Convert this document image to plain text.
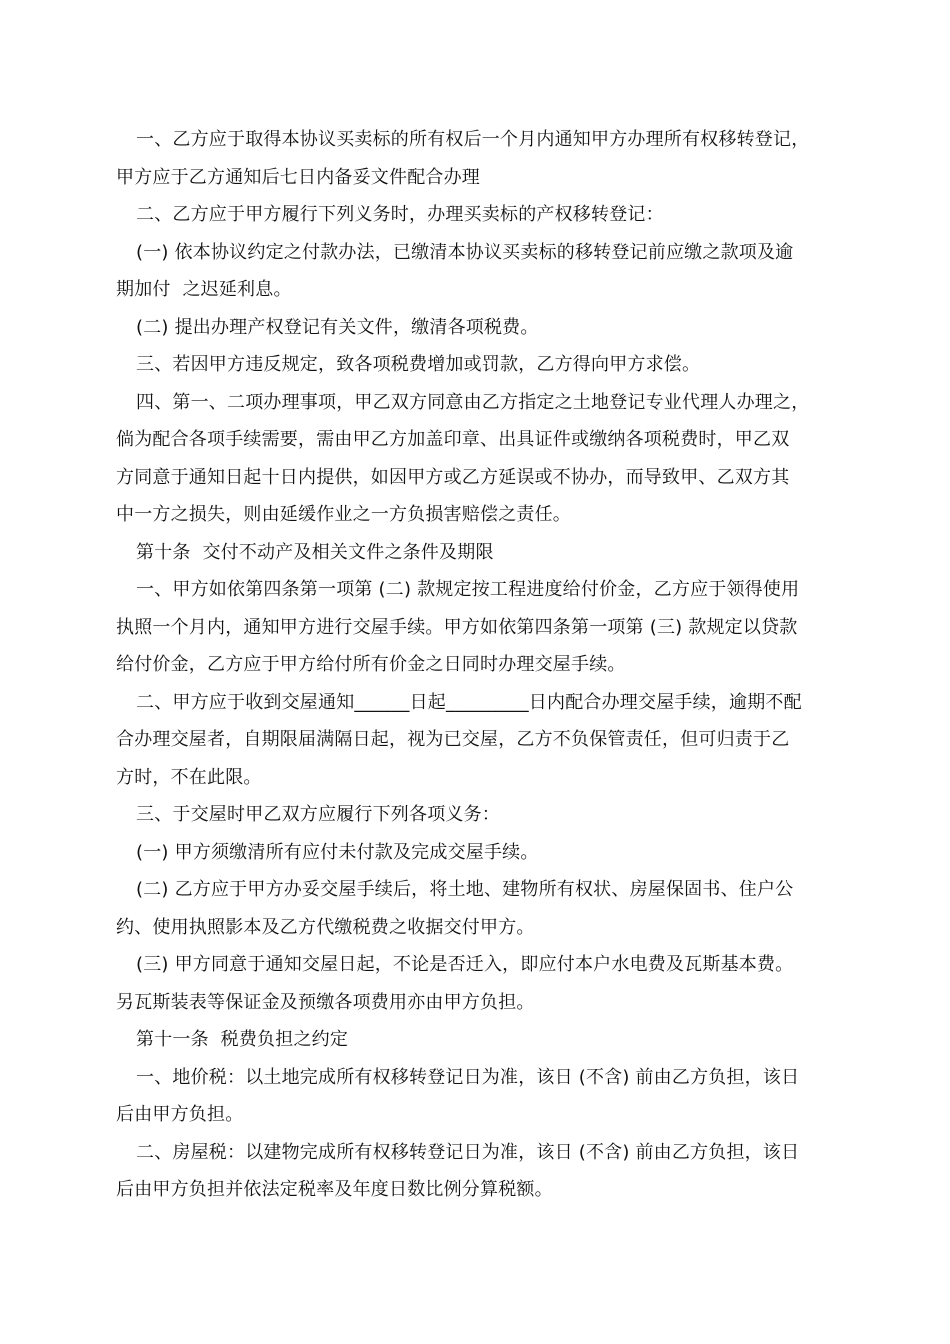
一、乙方应于取得本协议买卖标的所有权后一个月内通知甲方办理所有权移转登记，
甲方应于乙方通知后七日内备妥文件配合办理

二、乙方应于甲方履行下列义务时，办理买卖标的产权移转登记：

(一) 依本协议约定之付款办法，已缴清本协议买卖标的移转登记前应缴之款项及逾
期加付  之迟延利息。

(二) 提出办理产权登记有关文件，缴清各项税费。

三、若因甲方违反规定，致各项税费增加或罚款，乙方得向甲方求偿。

四、第一、二项办理事项，甲乙双方同意由乙方指定之土地登记专业代理人办理之，
倘为配合各项手续需要，需由甲乙方加盖印章、出具证件或缴纳各项税费时，甲乙双
方同意于通知日起十日内提供，如因甲方或乙方延误或不协办，而导致甲、乙双方其
中一方之损失，则由延缓作业之一方负损害赔偿之责任。

第十条  交付不动产及相关文件之条件及期限

一、甲方如依第四条第一项第 (二) 款规定按工程进度给付价金，乙方应于领得使用
执照一个月内，通知甲方进行交屋手续。甲方如依第四条第一项第 (三) 款规定以贷款
给付价金，乙方应于甲方给付所有价金之日同时办理交屋手续。

二、甲方应于收到交屋通知______日起_________日内配合办理交屋手续，逾期不配
合办理交屋者，自期限届满隔日起，视为已交屋，乙方不负保管责任，但可归责于乙
方时，不在此限。

三、于交屋时甲乙双方应履行下列各项义务：

(一) 甲方须缴清所有应付未付款及完成交屋手续。

(二) 乙方应于甲方办妥交屋手续后，将土地、建物所有权状、房屋保固书、住户公
约、使用执照影本及乙方代缴税费之收据交付甲方。

(三) 甲方同意于通知交屋日起，不论是否迁入，即应付本户水电费及瓦斯基本费。
另瓦斯装表等保证金及预缴各项费用亦由甲方负担。

第十一条  税费负担之约定

一、地价税：以土地完成所有权移转登记日为准，该日 (不含) 前由乙方负担，该日
后由甲方负担。

二、房屋税：以建物完成所有权移转登记日为准，该日 (不含) 前由乙方负担，该日
后由甲方负担并依法定税率及年度日数比例分算税额。
